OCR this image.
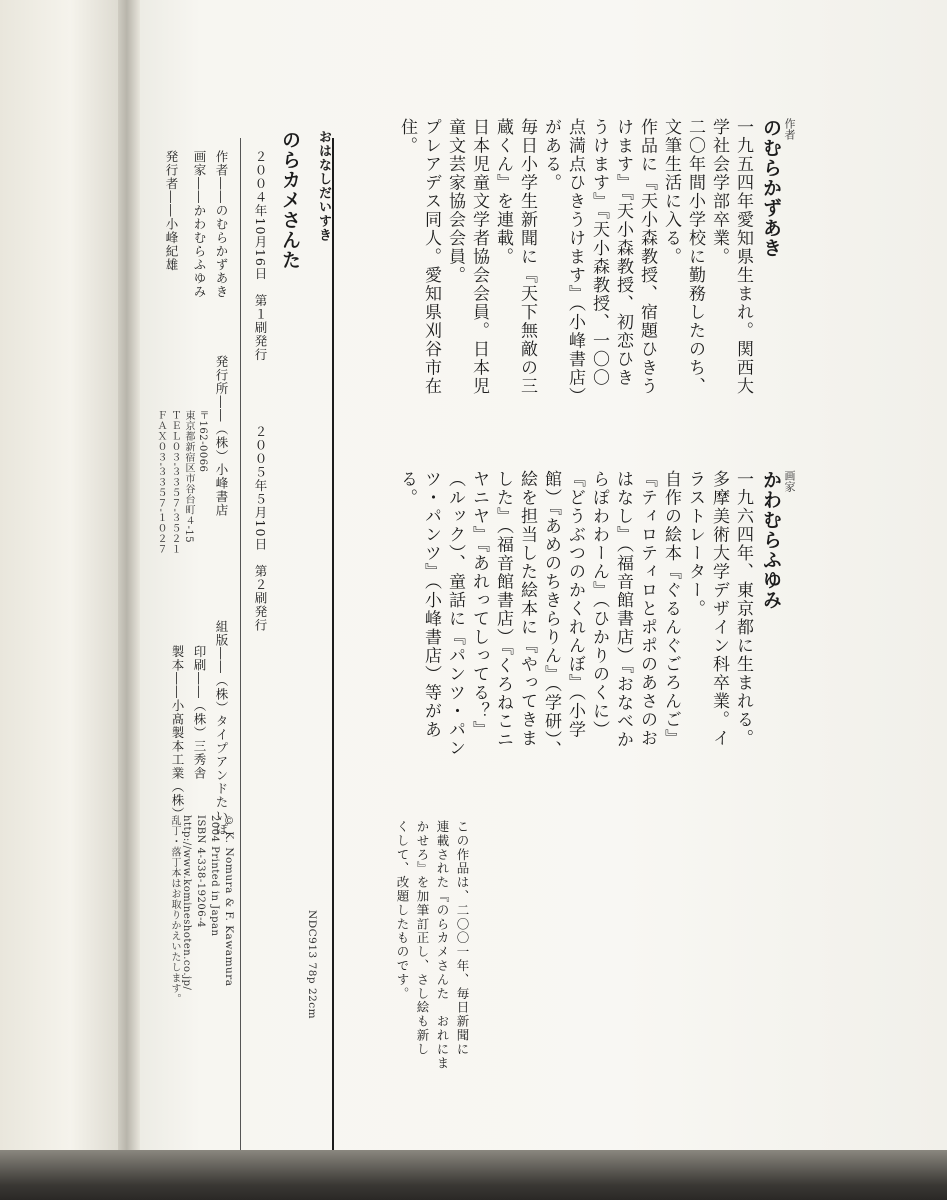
作者
のむらかずあき
一九五四年愛知県生まれ。関西大
学社会学部卒業。
二〇年間小学校に勤務したのち、
文筆生活に入る。
作品に『天小森教授、宿題ひきう
けます』『天小森教授、初恋ひき
うけます』『天小森教授、一〇〇
点満点ひきうけます』（小峰書店）
がある。
毎日小学生新聞に『天下無敵の三
蔵くん』を連載。
日本児童文学者協会会員。日本児
童文芸家協会会員。
プレアデス同人。愛知県刈谷市在
住。
画家
かわむらふゆみ
一九六四年、東京都に生まれる。
多摩美術大学デザイン科卒業。イ
ラストレーター。
自作の絵本『ぐるんぐごろんご』
『ティロティロとポポのあさのお
はなし』（福音館書店）『おなべか
らぽわわーん』（ひかりのくに）
『どうぶつのかくれんぼ』（小学
館）『あめのちきらりん』（学研）、
絵を担当した絵本に『やってきま
した』（福音館書店）『くろねこニ
ヤニヤ』『あれってしってる？』
（ルック）、童話に『パンツ・パン
ツ・パンツ』（小峰書店）等があ
る。
この作品は、二〇〇一年、毎日新聞に
連載された『のらカメさんた　おれにま
かせろ』を加筆訂正し、さし絵も新し
くして、改題したものです。
おはなしだいすき
のらカメさんた
２００４年10月16日　第１刷発行
２００５年５月10日　第２刷発行
作者――のむらかずあき
画家――かわむらふゆみ
発行者――小峰紀雄
発行所――（株）小峰書店
〒162-0066
東京都新宿区市谷台町４-15
ＴＥＬ０３-３３５７-３５２１
ＦＡＸ０３-３３５７-１０２７
組版――（株）タイプアンドたいぽ
印刷――（株）三秀舎
製本――小髙製本工業（株）
© K. Nomura & F. Kawamura
2004 Printed in Japan
ISBN 4-338-19206-4
http://www.komineshoten.co.jp/
乱丁・落丁本はお取りかえいたします。	NDC913 78p 22cm
